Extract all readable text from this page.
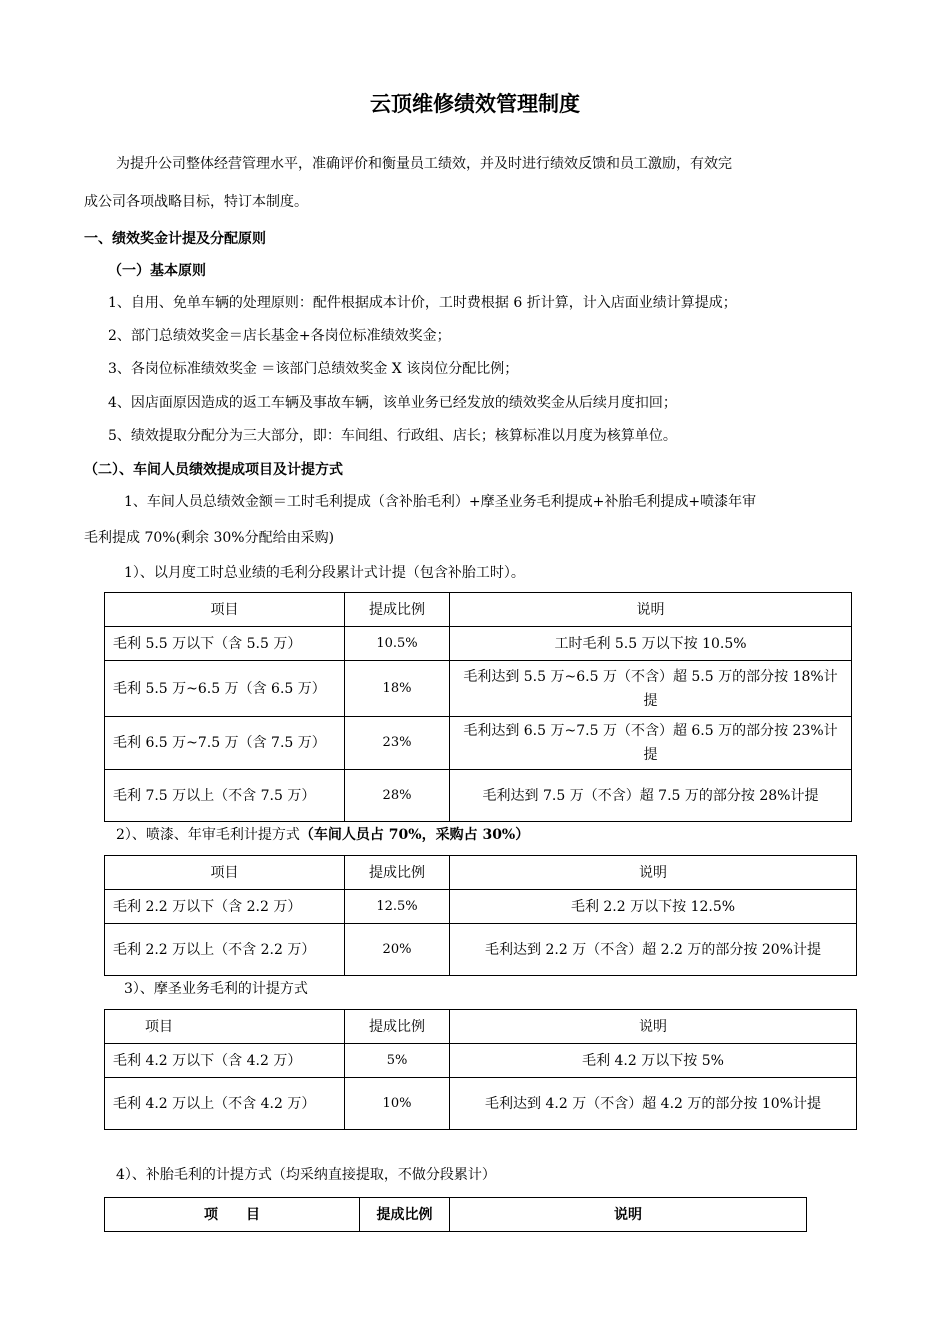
云顶维修绩效管理制度
为提升公司整体经营管理水平，准确评价和衡量员工绩效，并及时进行绩效反馈和员工激励，有效完
成公司各项战略目标，特订本制度。
一、绩效奖金计提及分配原则
（一）基本原则
1、自用、免单车辆的处理原则：配件根据成本计价，工时费根据 6 折计算，计入店面业绩计算提成；
2、部门总绩效奖金＝店长基金+各岗位标准绩效奖金；
3、各岗位标准绩效奖金 ＝该部门总绩效奖金 X 该岗位分配比例；
4、因店面原因造成的返工车辆及事故车辆，该单业务已经发放的绩效奖金从后续月度扣回；
5、绩效提取分配分为三大部分，即：车间组、行政组、店长；核算标准以月度为核算单位。
（二）、车间人员绩效提成项目及计提方式
1、车间人员总绩效金额＝工时毛利提成（含补胎毛利）+摩圣业务毛利提成+补胎毛利提成+喷漆年审
毛利提成 70%(剩余 30%分配给由采购)
1）、以月度工时总业绩的毛利分段累计式计提（包含补胎工时）。
项目	提成比例	说明
毛利 5.5 万以下（含 5.5 万）	10.5%	工时毛利 5.5 万以下按 10.5%
毛利 5.5 万~6.5 万（含 6.5 万）	18%	毛利达到 5.5 万~6.5 万（不含）超 5.5 万的部分按 18%计提
毛利 6.5 万~7.5 万（含 7.5 万）	23%	毛利达到 6.5 万~7.5 万（不含）超 6.5 万的部分按 23%计提
毛利 7.5 万以上（不含 7.5 万）	28%	毛利达到 7.5 万（不含）超 7.5 万的部分按 28%计提
2）、喷漆、年审毛利计提方式（车间人员占 70%，采购占 30%）
项目	提成比例	说明
毛利 2.2 万以下（含 2.2 万）	12.5%	毛利 2.2 万以下按 12.5%
毛利 2.2 万以上（不含 2.2 万）	20%	毛利达到 2.2 万（不含）超 2.2 万的部分按 20%计提
3）、摩圣业务毛利的计提方式
项目	提成比例	说明
毛利 4.2 万以下（含 4.2 万）	5%	毛利 4.2 万以下按 5%
毛利 4.2 万以上（不含 4.2 万）	10%	毛利达到 4.2 万（不含）超 4.2 万的部分按 10%计提
4）、补胎毛利的计提方式（均采纳直接提取，不做分段累计）
项　　目	提成比例	说明
